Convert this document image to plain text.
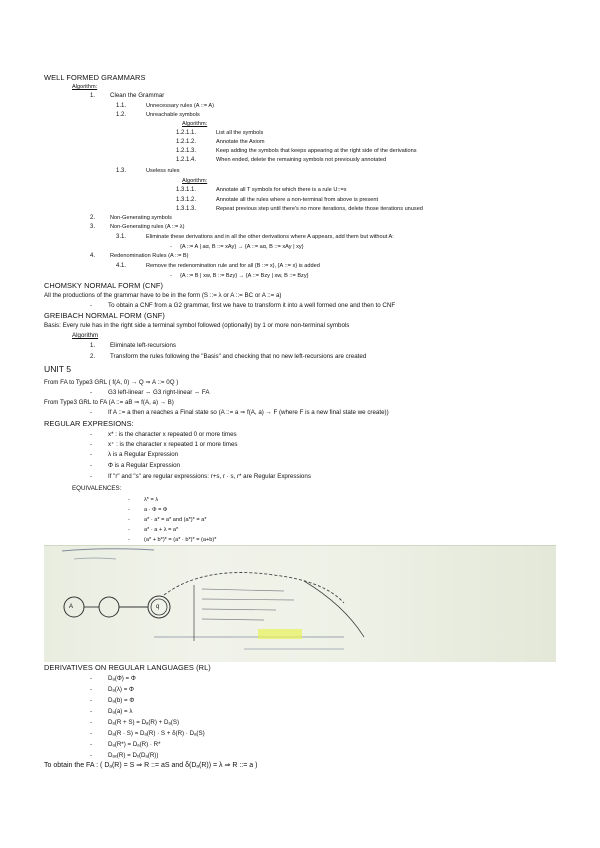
WELL FORMED GRAMMARS
Algorithm:
1. Clean the Grammar
1.1.	Unnecessary rules (A ::= A)
1.2.	Unreachable symbols
Algorithm:
1.2.1.1.	List all the symbols
1.2.1.2.	Annotate the Axiom
1.2.1.3.	Keep adding the symbols that keeps appearing at the right side of the derivations
1.2.1.4.	When ended, delete the remaining symbols not previously annotated
1.3.	Useless rules
Algorithm:
1.3.1.1.	Annotate all T symbols for which there is a rule U::=x
1.3.1.2.	Annotate all the rules where a non-terminal from above is present
1.3.1.3.	Repeat previous step until there's no more iterations, delete those iterations unused
2.	Non-Generating symbols
3.	Non-Generating rules (A ::= λ)
3.1.	Eliminate these derivations and in all the other derivations where A appears, add them but without A:
- {A ::= A | aα, B ::= xAy} → {A ::= aα, B ::= xAy | xy}
4.	Redenomination Rules (A ::= B)
4.1.	Remove the redenomination rule and for all {B ::= x}, {A ::= x} is added
- {A ::= B | xw, B ::= Bzy} → {A ::= Bzy | xw, B ::= Bzy}
CHOMSKY NORMAL FORM (CNF)
All the productions of the grammar have to be in the form (S ::= λ or A ::= BC or A ::= a)
-	To obtain a CNF from a G2 grammar, first we have to transform it into a well formed one and then to CNF
GREIBACH NORMAL FORM (GNF)
Basis: Every rule has in the right side a terminal symbol followed (optionally) by 1 or more non-terminal symbols
Algorithm
1. Eliminate left-recursions
2. Transform the rules following the "Basis" and checking that no new left-recursions are created
UNIT 5
From FA to Type3 GRL ( f(A, 0) → Q ⇒ A ::= 0Q )
-	G3 left-linear ⇔ G3 right-linear ⇔ FA
From Type3 GRL to FA (A ::= aB ⇒ f(A, a) → B)
-	If A ::= a then a reaches a Final state so (A ::= a ⇒ f(A, a) → F (where F is a new final state we create))
REGULAR EXPRESIONS:
-	x* : is the character x repeated 0 or more times
-	x⁺ : is the character x repeated 1 or more times
-	λ is a Regular Expression
-	Φ is a Regular Expression
-	If "r" and "s" are regular expressions: r+s, r · s, r* are Regular Expressions
EQUIVALENCES:
-	λ* = λ
-	a · Φ = Φ
-	a* · a* = a* and (a*)* = a*
-	a* · a + λ = a*
-	(a* + b*)* = (a* · b*)* = (a+b)*
A	q
DERIVATIVES ON REGULAR LANGUAGES (RL)
-	Dₐ(Φ) = Φ
-	Dₐ(λ) = Φ
-	Dₐ(b) = Φ
-	Dₐ(a) = λ
-	Dₐ(R + S) = Dₐ(R) + Dₐ(S)
-	Dₐ(R · S) = Dₐ(R) · S + δ(R) · Dₐ(S)
-	Dₐ(R*) = Dₐ(R) · R*
-	Dₐₓ(R) = Dₓ(Dₐ(R))
To obtain the FA : ( Dₐ(R) = S ⇒ R ::= aS and δ(Dₐ(R)) = λ ⇒ R ::= a )
